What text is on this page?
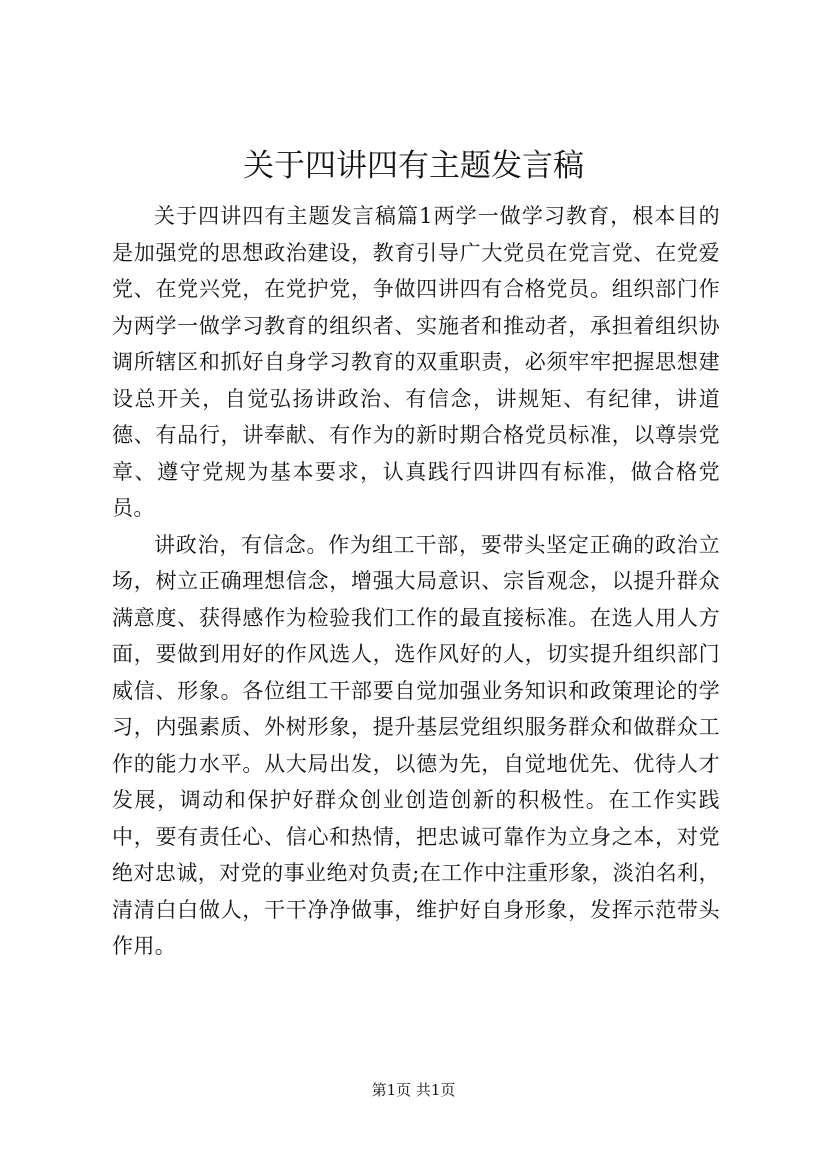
关于四讲四有主题发言稿

关于四讲四有主题发言稿篇1两学一做学习教育，根本目的是加强党的思想政治建设，教育引导广大党员在党言党、在党爱党、在党兴党，在党护党，争做四讲四有合格党员。组织部门作为两学一做学习教育的组织者、实施者和推动者，承担着组织协调所辖区和抓好自身学习教育的双重职责，必须牢牢把握思想建设总开关，自觉弘扬讲政治、有信念，讲规矩、有纪律，讲道德、有品行，讲奉献、有作为的新时期合格党员标准，以尊崇党章、遵守党规为基本要求，认真践行四讲四有标准，做合格党员。

讲政治，有信念。作为组工干部，要带头坚定正确的政治立场，树立正确理想信念，增强大局意识、宗旨观念，以提升群众满意度、获得感作为检验我们工作的最直接标准。在选人用人方面，要做到用好的作风选人，选作风好的人，切实提升组织部门威信、形象。各位组工干部要自觉加强业务知识和政策理论的学习，内强素质、外树形象，提升基层党组织服务群众和做群众工作的能力水平。从大局出发，以德为先，自觉地优先、优待人才发展，调动和保护好群众创业创造创新的积极性。在工作实践中，要有责任心、信心和热情，把忠诚可靠作为立身之本，对党绝对忠诚，对党的事业绝对负责;在工作中注重形象，淡泊名利，清清白白做人，干干净净做事，维护好自身形象，发挥示范带头作用。

第1页 共1页
